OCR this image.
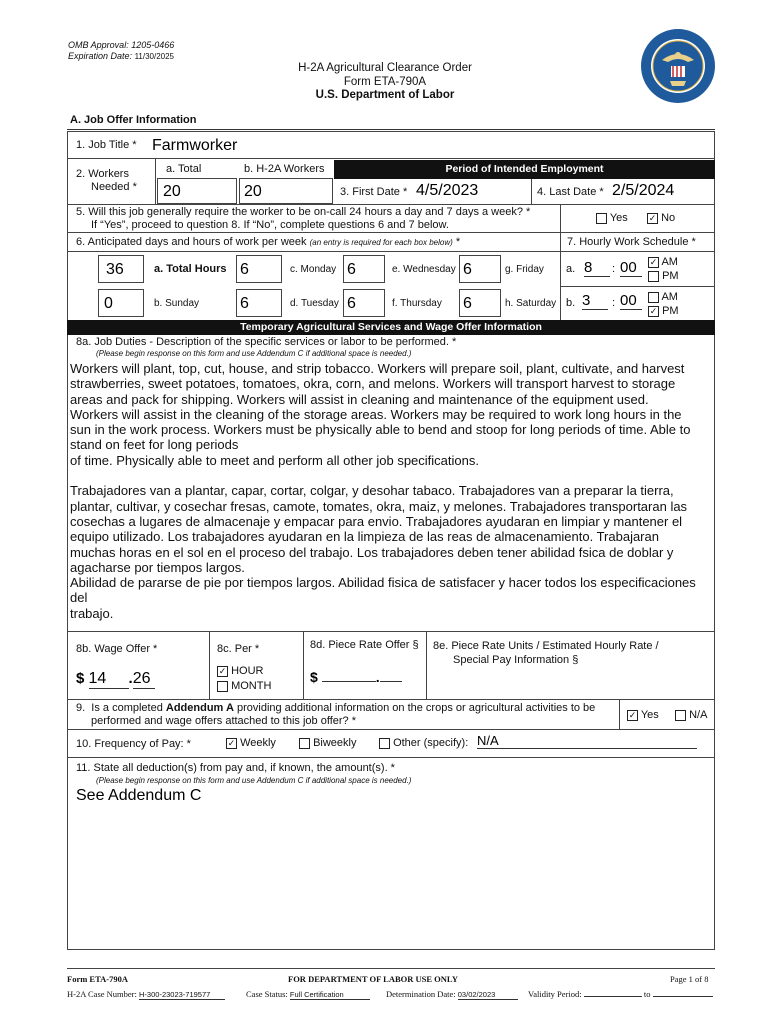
OMB Approval: 1205-0466
Expiration Date: 11/30/2025
H-2A Agricultural Clearance Order
Form ETA-790A
U.S. Department of Labor
A. Job Offer Information
1. Job Title * Farmworker
2. Workers
Needed *
a. Total	b. H-2A Workers
20	20
Period of Intended Employment
3. First Date * 4/5/2023	4. Last Date * 2/5/2024
5. Will this job generally require the worker to be on-call 24 hours a day and 7 days a week? *
If “Yes”, proceed to question 8. If “No”, complete questions 6 and 7 below.
Yes ✓ No
6. Anticipated days and hours of work per week (an entry is required for each box below) *	7. Hourly Work Schedule *
36	a. Total Hours 6	c. Monday 6	e. Wednesday 6	g. Friday
0	b. Sunday	6	d. Tuesday 6	f. Thursday 6	h. Saturday
a. 8	: 00	✓ AM
PM
b. 3	: 00	AM
✓ PM
Temporary Agricultural Services and Wage Offer Information
8a. Job Duties - Description of the specific services or labor to be performed. *
(Please begin response on this form and use Addendum C if additional space is needed.)
Workers will plant, top, cut, house, and strip tobacco. Workers will prepare soil, plant, cultivate, and harvest
strawberries, sweet potatoes, tomatoes, okra, corn, and melons. Workers will transport harvest to storage
areas and pack for shipping. Workers will assist in cleaning and maintenance of the equipment used.
Workers will assist in the cleaning of the storage areas. Workers may be required to work long hours in the
sun in the work process. Workers must be physically able to bend and stoop for long periods of time. Able to
stand on feet for long periods
of time. Physically able to meet and perform all other job specifications.

Trabajadores van a plantar, capar, cortar, colgar, y desohar tabaco. Trabajadores van a preparar la tierra,
plantar, cultivar, y cosechar fresas, camote, tomates, okra, maiz, y melones. Trabajadores transportaran las
cosechas a lugares de almacenaje y empacar para envio. Trabajadores ayudaran en limpiar y mantener el
equipo utilizado. Los trabajadores ayudaran en la limpieza de las reas de almacenamiento. Trabajaran
muchas horas en el sol en el proceso del trabajo. Los trabajadores deben tener abilidad fsica de doblar y
agacharse por tiempos largos.
Abilidad de pararse de pie por tiempos largos. Abilidad fisica de satisfacer y hacer todos los especificaciones
del
trabajo.
8b. Wage Offer *
$ 14 .26
8c. Per *
✓ HOUR
MONTH
8d. Piece Rate Offer §
$	.
8e. Piece Rate Units / Estimated Hourly Rate /
Special Pay Information §
9.  Is a completed Addendum A providing additional information on the crops or agricultural activities to be
performed and wage offers attached to this job offer? *
✓ Yes	N/A
10. Frequency of Pay: *	✓ Weekly	Biweekly	Other (specify): N/A
11. State all deduction(s) from pay and, if known, the amount(s). *
(Please begin response on this form and use Addendum C if additional space is needed.)
See Addendum C
Form ETA-790A	FOR DEPARTMENT OF LABOR USE ONLY	Page 1 of 8
H-2A Case Number: H-300-23023-719577	Case Status: Full Certification	Determination Date: 03/02/2023	Validity Period:	to
